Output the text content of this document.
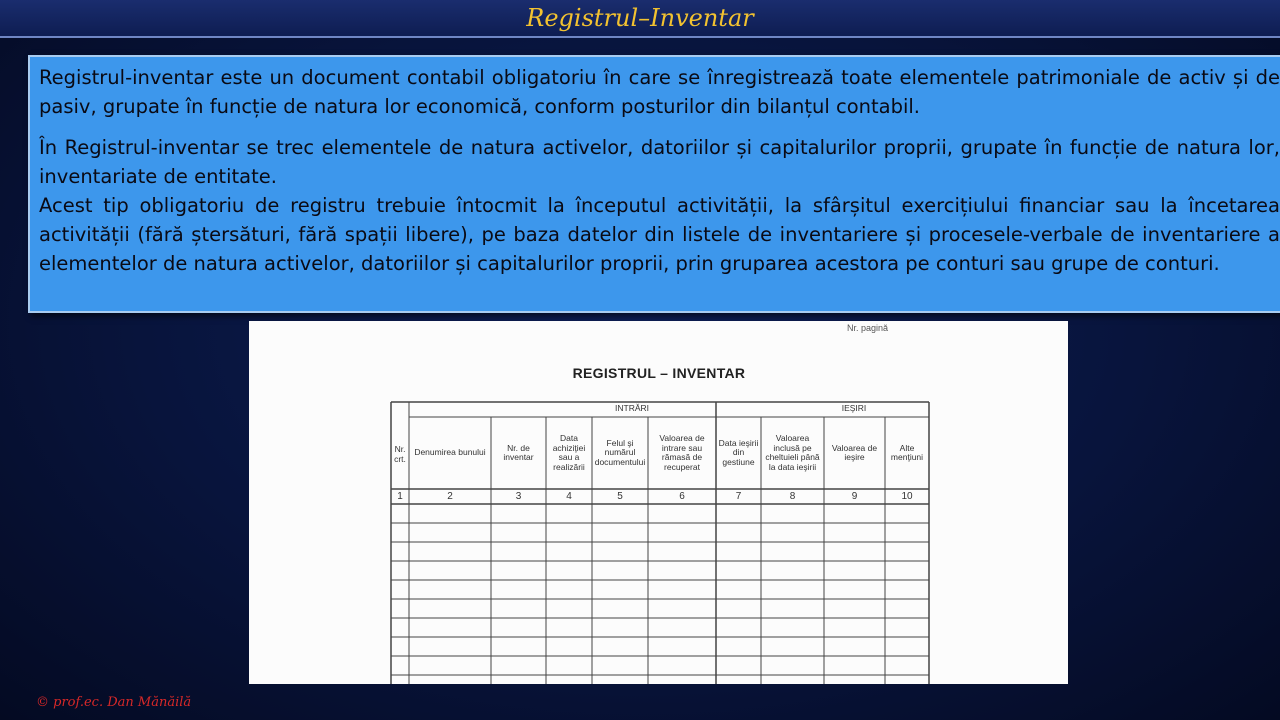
Registrul–Inventar

Registrul-inventar este un document contabil obligatoriu în care se înregistrează toate elementele patrimoniale de activ și de pasiv, grupate în funcție de natura lor economică, conform posturilor din bilanțul contabil.

În Registrul-inventar se trec elementele de natura activelor, datoriilor și capitalurilor proprii, grupate în funcție de natura lor, inventariate de entitate.

Acest tip obligatoriu de registru trebuie întocmit la începutul activității, la sfârșitul exercițiului financiar sau la încetarea activității (fără ștersături, fără spații libere), pe baza datelor din listele de inventariere și procesele-verbale de inventariere a elementelor de natura activelor, datoriilor și capitalurilor proprii, prin gruparea acestora pe conturi sau grupe de conturi.

Nr. pagină
REGISTRUL – INVENTAR
INTRĂRI	IEŞIRI
Nr. crt.
1
Denumirea bunului
2
Nr. de inventar
3
Data achiziţiei sau a realizării
4
Felul şi numărul documentului
5
Valoarea de intrare sau rămasă de recuperat
6
Data ieşirii din gestiune
7
Valoarea inclusă pe cheltuieli până la data ieşirii
8
Valoarea de ieşire
9
Alte menţiuni
10
© prof.ec. Dan Mănăilă
